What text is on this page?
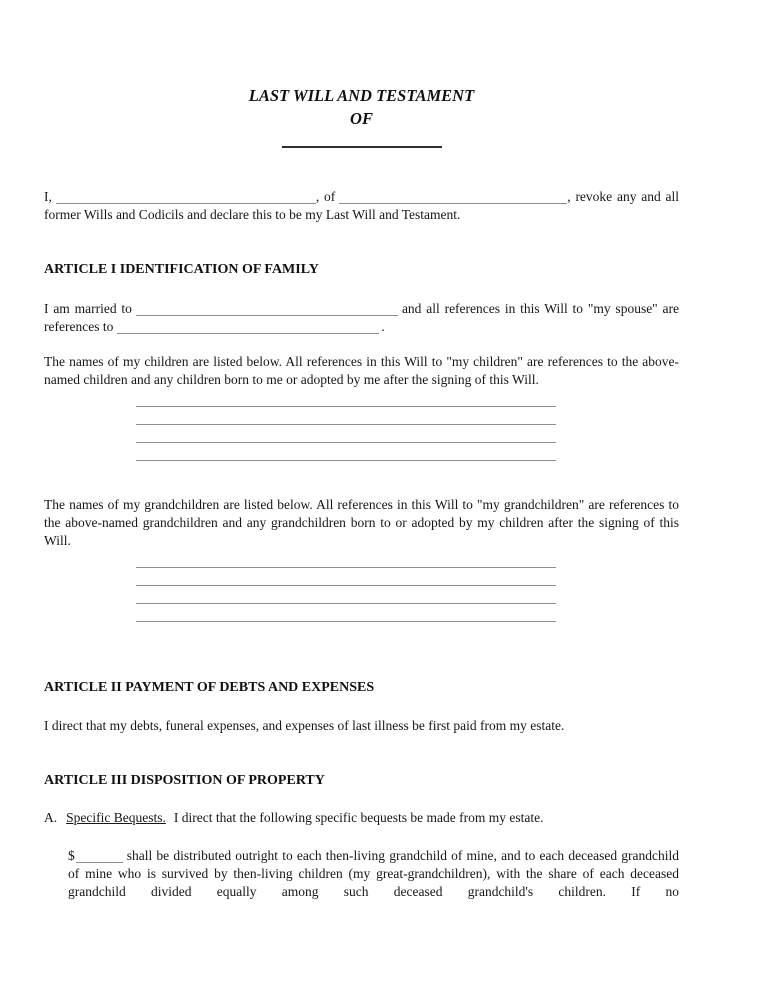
LAST WILL AND TESTAMENT
OF

I,	, of	, revoke any and all former Wills and Codicils and declare this to be my Last Will and Testament.

ARTICLE I IDENTIFICATION OF FAMILY

I am married to	and all references in this Will to "my spouse" are references to	.

The names of my children are listed below. All references in this Will to "my children" are references to the above-named children and any children born to me or adopted by me after the signing of this Will.

The names of my grandchildren are listed below. All references in this Will to "my grandchildren" are references to the above-named grandchildren and any grandchildren born to or adopted by my children after the signing of this Will.

ARTICLE II PAYMENT OF DEBTS AND EXPENSES

I direct that my debts, funeral expenses, and expenses of last illness be first paid from my estate.

ARTICLE III DISPOSITION OF PROPERTY

A. Specific Bequests. I direct that the following specific bequests be made from my estate.

$	shall be distributed outright to each then-living grandchild of mine, and to each deceased grandchild of mine who is survived by then-living children (my great-grandchildren), with the share of each deceased grandchild divided equally among such deceased grandchild's children. If no
